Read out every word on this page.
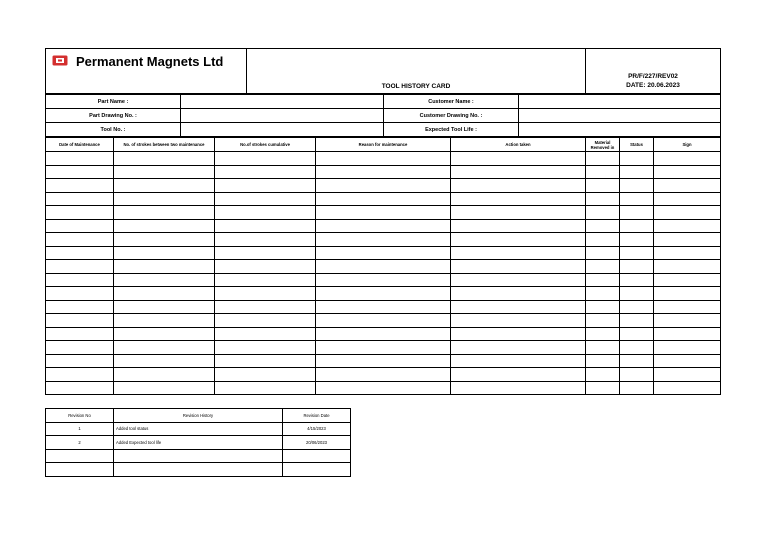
Permanent Magnets Ltd	TOOL HISTORY CARD	
PR/F/227/REV02
DATE: 20.06.2023
Part Name :		Customer Name :	
Part Drawing No. :		Customer Drawing No. :	
Tool No. :		Expected Tool Life :	
Date of Maintenance	No. of strokes between two maintenance	No.of strokes cumulative	Reason for maintenance	Action taken	Material Removed in	Status	Sign

Revision No	Revision History	Revision Date
1	Added tool status	4/15/2023
2	Added Expected tool life	20/06/2023
